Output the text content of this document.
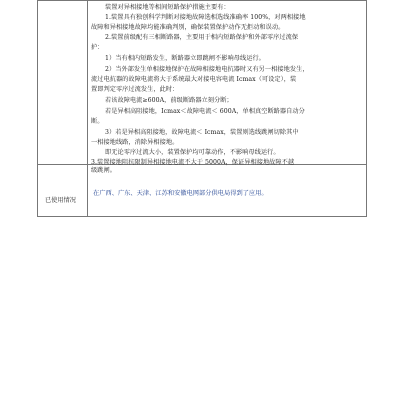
装置对异相接地等相间短路保护措施主要有：
1.装置具有独创科学判断对接地故障选相选线准确率 100%，对两相接地
故障和异相接地故障均能准确判别，确保装置保护动作无拒动和误动。
2.装置前级配有三相断路器，主要用于相内短路保护和外部零序过流保
护：
1）当有相内短路发生，断路器立即跳闸不影响母线运行。
2）当外部发生单相接地保护在故障相接地电抗器时又有另一相接地发生，
流过电抗器的故障电流将大于系统最大对接电容电流 Icmax（可设定），装
置即判定零序过流发生，此时：
若该故障电流≥600A，前级断路器立刻分断；
若是异相高阻接地，Icmax＜故障电流＜ 600A，单相真空断路器自动分
断。
3）若是异相高阻接地，故障电流＜ Icmax，装置则选线跳闸切除其中
一相接地线路，消除异相接地。
即无论零序过流大小，装置保护均可靠动作，不影响母线运行。
3.装置接地阻抗限制异相接地电流不大于 5000A，保证异相接地故障不越
级跳闸。
已使用情况
在广西、广东、天津、江苏和安徽电网部分供电局得到了应用。
